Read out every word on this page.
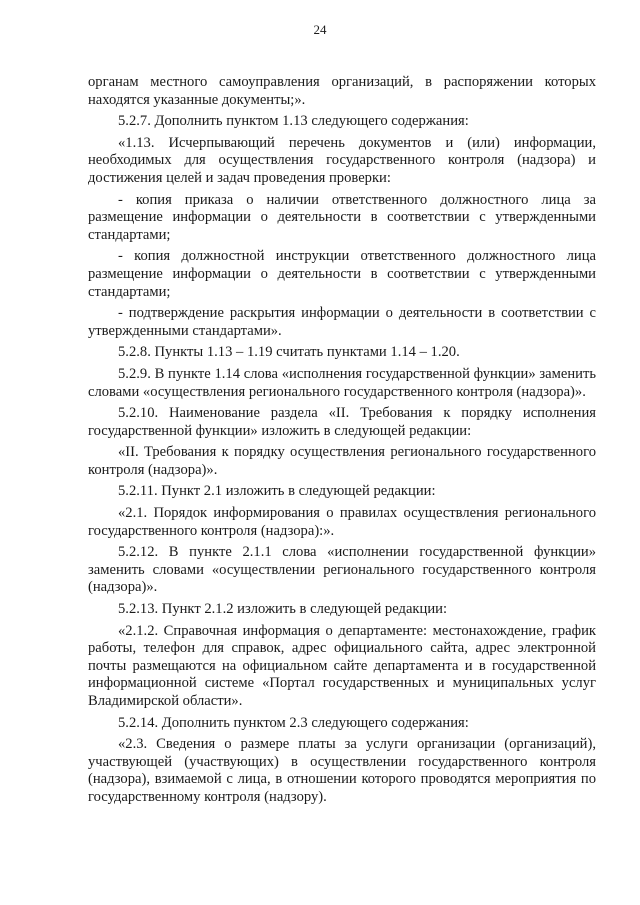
24

органам местного самоуправления организаций, в распоряжении которых находятся указанные документы;».

5.2.7. Дополнить пунктом 1.13 следующего содержания:

«1.13. Исчерпывающий перечень документов и (или) информации, необходимых для осуществления государственного контроля (надзора) и достижения целей и задач проведения проверки:

- копия приказа о наличии ответственного должностного лица за размещение информации о деятельности в соответствии с утвержденными стандартами;

- копия должностной инструкции ответственного должностного лица размещение информации о деятельности в соответствии с утвержденными стандартами;

- подтверждение раскрытия информации о деятельности в соответствии с утвержденными стандартами».

5.2.8. Пункты 1.13 – 1.19 считать пунктами 1.14 – 1.20.

5.2.9. В пункте 1.14 слова «исполнения государственной функции» заменить словами «осуществления регионального государственного контроля (надзора)».

5.2.10. Наименование раздела «II. Требования к порядку исполнения государственной функции» изложить в следующей редакции:

«II. Требования к порядку осуществления регионального государственного контроля (надзора)».

5.2.11. Пункт 2.1 изложить в следующей редакции:

«2.1. Порядок информирования о правилах осуществления регионального государственного контроля (надзора):».

5.2.12. В пункте 2.1.1 слова «исполнении государственной функции» заменить словами «осуществлении регионального государственного контроля (надзора)».

5.2.13. Пункт 2.1.2 изложить в следующей редакции:

«2.1.2. Справочная информация о департаменте: местонахождение, график работы, телефон для справок, адрес официального сайта, адрес электронной почты размещаются на официальном сайте департамента и в государственной информационной системе «Портал государственных и муниципальных услуг Владимирской области».

5.2.14. Дополнить пунктом 2.3 следующего содержания:

«2.3. Сведения о размере платы за услуги организации (организаций), участвующей (участвующих) в осуществлении государственного контроля (надзора), взимаемой с лица, в отношении которого проводятся мероприятия по государственному контроля (надзору).
